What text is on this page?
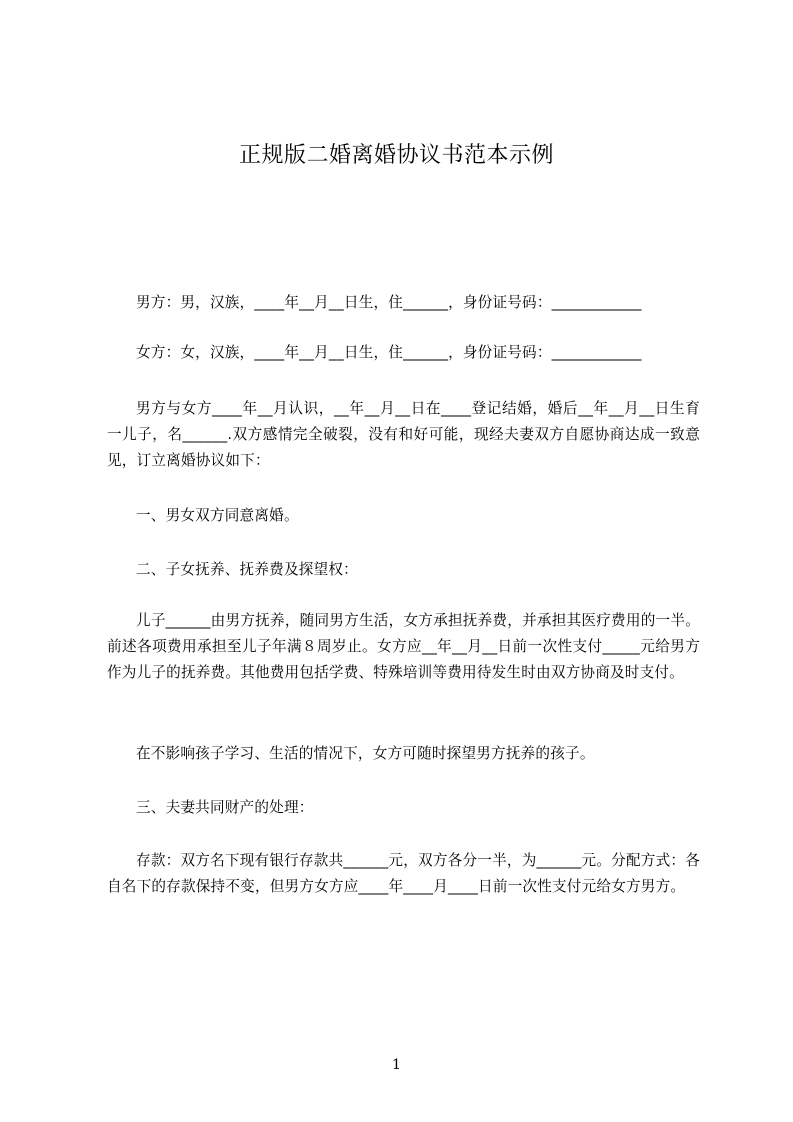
正规版二婚离婚协议书范本示例

男方：男，汉族，____年__月__日生，住______，身份证号码：____________

女方：女，汉族，____年__月__日生，住______，身份证号码：____________

男方与女方____年__月认识，__年__月__日在____登记结婚，婚后__年__月__日生育一儿子，名______.双方感情完全破裂，没有和好可能，现经夫妻双方自愿协商达成一致意见，订立离婚协议如下：

一、男女双方同意离婚。

二、子女抚养、抚养费及探望权：

儿子______由男方抚养，随同男方生活，女方承担抚养费，并承担其医疗费用的一半。前述各项费用承担至儿子年满８周岁止。女方应__年__月__日前一次性支付_____元给男方作为儿子的抚养费。其他费用包括学费、特殊培训等费用待发生时由双方协商及时支付。

在不影响孩子学习、生活的情况下，女方可随时探望男方抚养的孩子。

三、夫妻共同财产的处理：

存款：双方名下现有银行存款共______元，双方各分一半，为______元。分配方式：各自名下的存款保持不变，但男方女方应____年____月____日前一次性支付元给女方男方。

1
